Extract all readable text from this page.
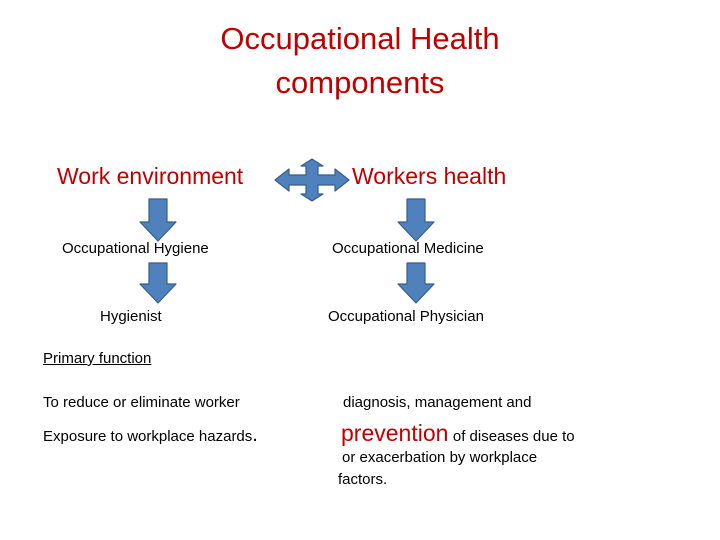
Occupational Health
components
Work environment	Workers health
Occupational Hygiene	Occupational Medicine
Hygienist	Occupational Physician
Primary function
To reduce or eliminate worker
Exposure to workplace hazards.
diagnosis, management and
prevention of diseases due to
or exacerbation by workplace
factors.
